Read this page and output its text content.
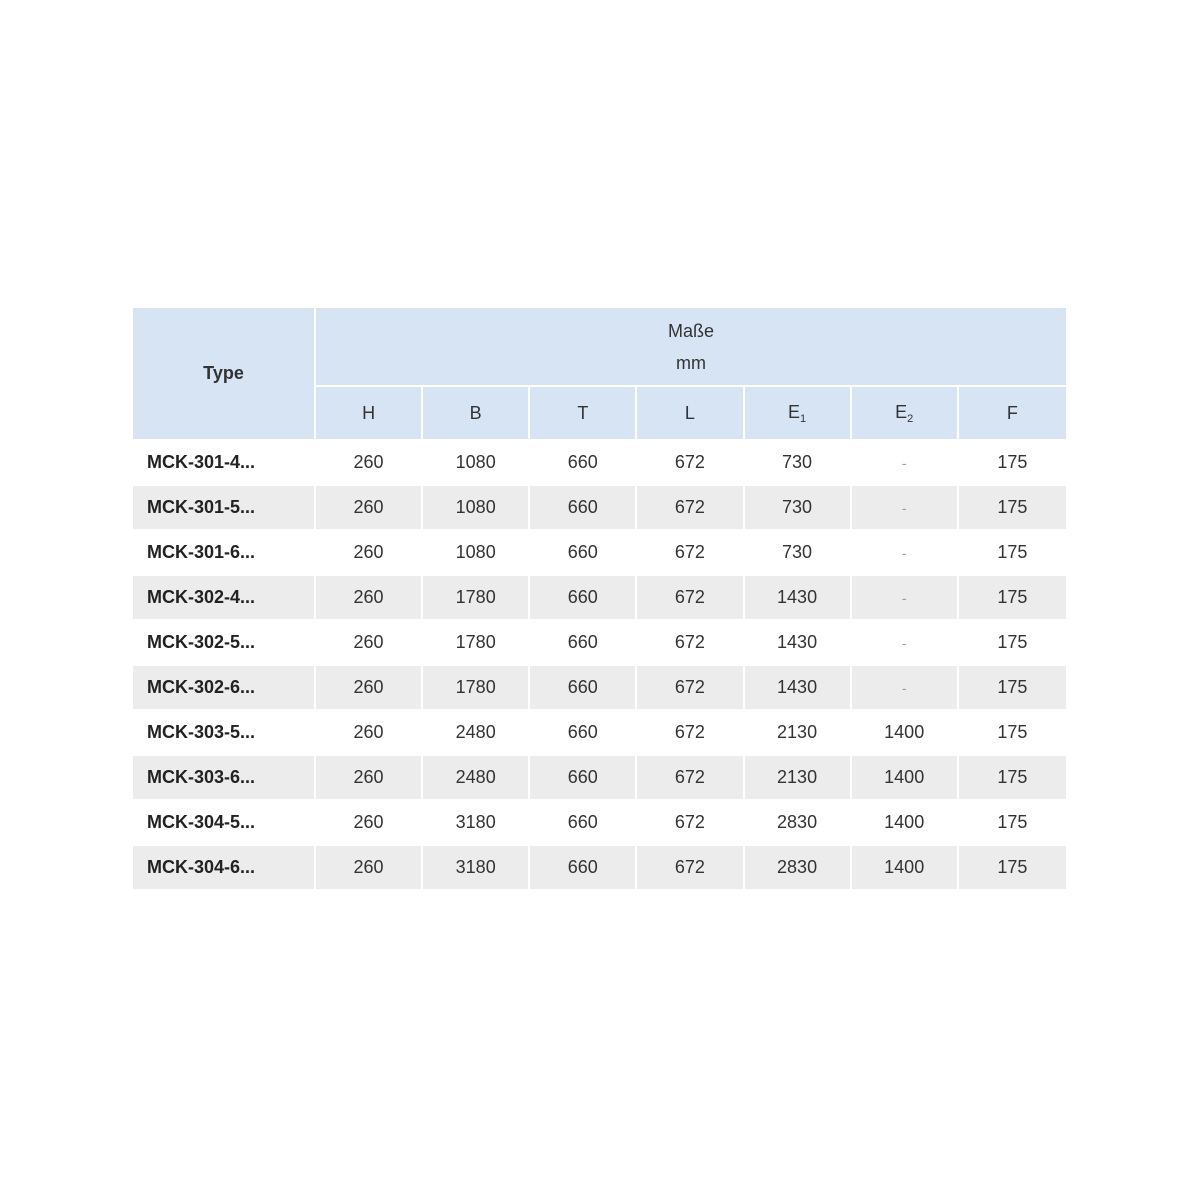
Type	Maße
mm						

	H	B	T	L	$E_1$	$E_2$	F
MCK-301-4...	260	1080	660	672	730	-	175
MCK-301-5...	260	1080	660	672	730	-	175
MCK-301-6...	260	1080	660	672	730	-	175
MCK-302-4...	260	1780	660	672	1430	-	175
MCK-302-5...	260	1780	660	672	1430	-	175
MCK-302-6...	260	1780	660	672	1430	-	175
MCK-303-5...	260	2480	660	672	2130	1400	175
MCK-303-6...	260	2480	660	672	2130	1400	175
MCK-304-5...	260	3180	660	672	2830	1400	175
MCK-304-6...	260	3180	660	672	2830	1400	175
